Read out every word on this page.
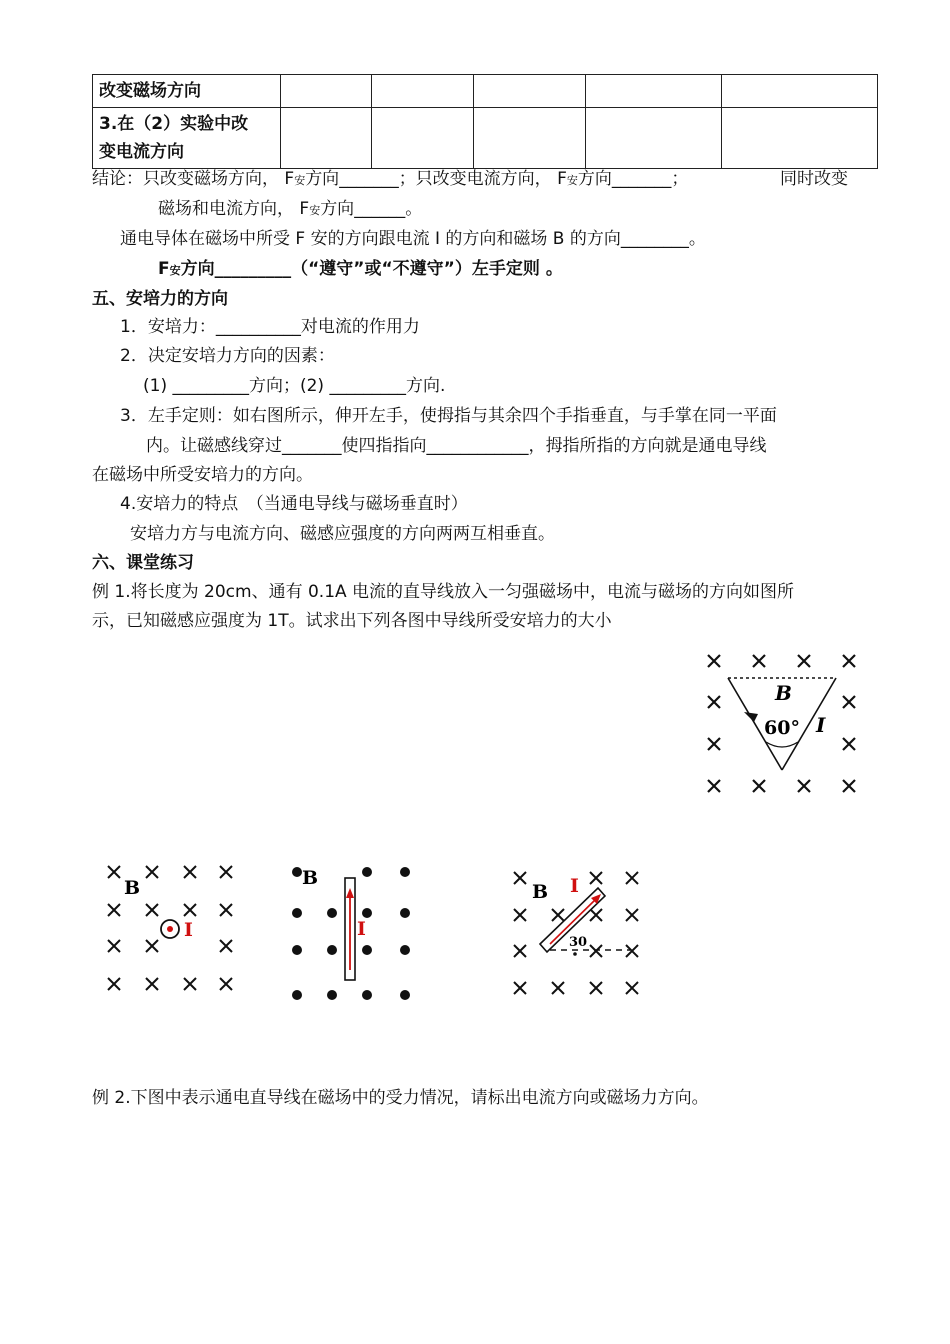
改变磁场方向					

3.在（2）实验中改
变电流方向					

结论：只改变磁场方向， F安方向_______；只改变电流方向， F安方向_______；	同时改变
磁场和电流方向， F安方向______。
通电导体在磁场中所受 F 安的方向跟电流 I 的方向和磁场 B 的方向________。
F安方向_________（“遵守”或“不遵守”）左手定则 。
五、安培力的方向
1．安培力：__________对电流的作用力
2．决定安培力方向的因素：
(1) _________方向；(2) _________方向.
3．左手定则：如右图所示，伸开左手，使拇指与其余四个手指垂直，与手掌在同一平面
内。让磁感线穿过_______使四指指向____________，拇指所指的方向就是通电导线
在磁场中所受安培力的方向。
4.安培力的特点　（当通电导线与磁场垂直时）
安培力方与电流方向、磁感应强度的方向两两互相垂直。
六、课堂练习
例 1.将长度为 20cm、通有 0.1A 电流的直导线放入一匀强磁场中，电流与磁场的方向如图所
示，已知磁感应强度为 1T。试求出下列各图中导线所受安培力的大小
B
60° I
B
I
B
I
B I
30
例 2.下图中表示通电直导线在磁场中的受力情况，请标出电流方向或磁场力方向。
